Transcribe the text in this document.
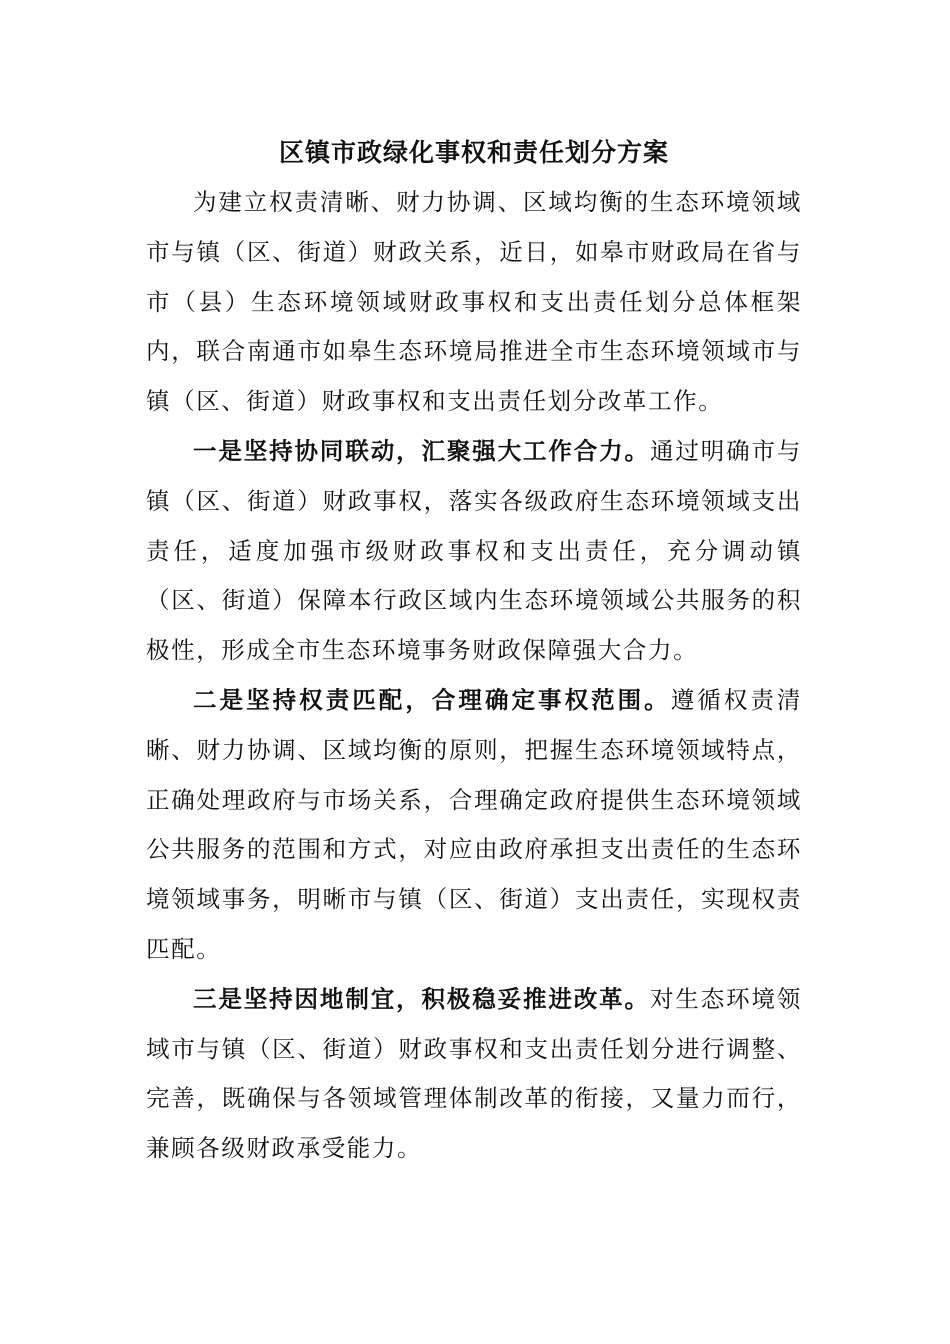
区镇市政绿化事权和责任划分方案

为建立权责清晰、财力协调、区域均衡的生态环境领域市与镇（区、街道）财政关系，近日，如皋市财政局在省与市（县）生态环境领域财政事权和支出责任划分总体框架内，联合南通市如皋生态环境局推进全市生态环境领域市与镇（区、街道）财政事权和支出责任划分改革工作。

一是坚持协同联动，汇聚强大工作合力。通过明确市与镇（区、街道）财政事权，落实各级政府生态环境领域支出责任，适度加强市级财政事权和支出责任，充分调动镇（区、街道）保障本行政区域内生态环境领域公共服务的积极性，形成全市生态环境事务财政保障强大合力。

二是坚持权责匹配，合理确定事权范围。遵循权责清晰、财力协调、区域均衡的原则，把握生态环境领域特点，正确处理政府与市场关系，合理确定政府提供生态环境领域公共服务的范围和方式，对应由政府承担支出责任的生态环境领域事务，明晰市与镇（区、街道）支出责任，实现权责匹配。

三是坚持因地制宜，积极稳妥推进改革。对生态环境领域市与镇（区、街道）财政事权和支出责任划分进行调整、完善，既确保与各领域管理体制改革的衔接，又量力而行，兼顾各级财政承受能力。
